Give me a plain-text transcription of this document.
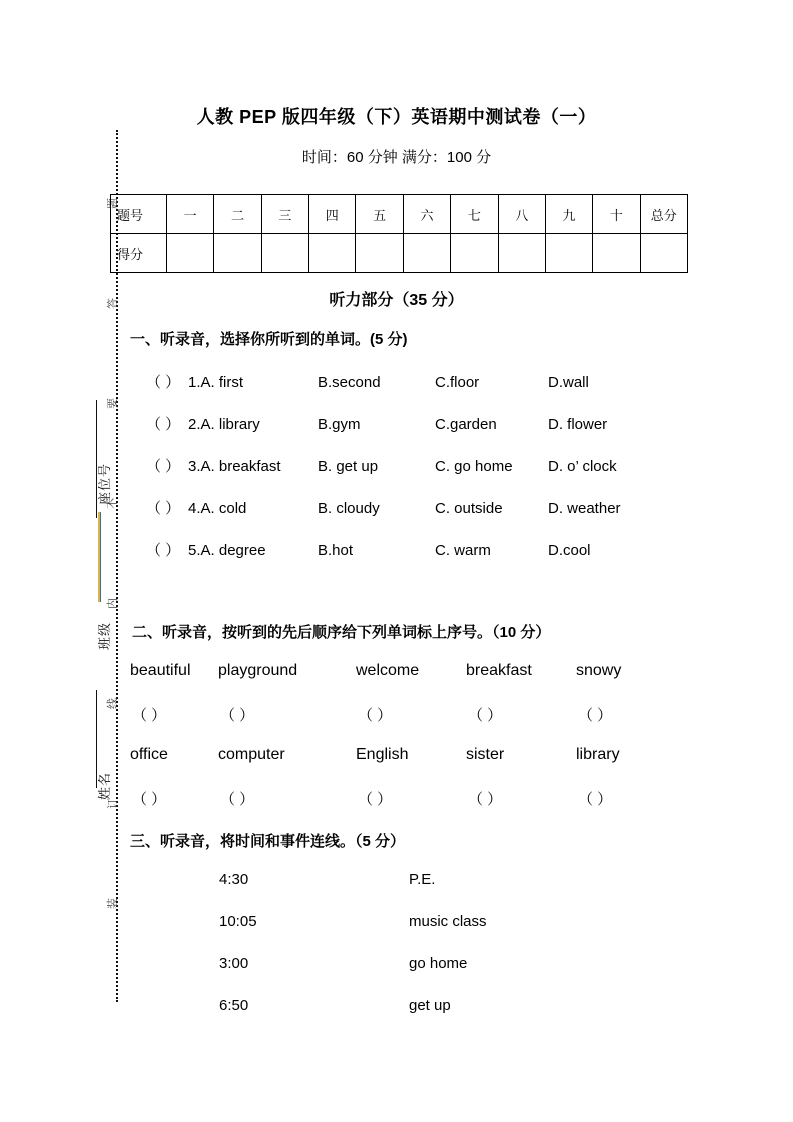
题
答
要
不
内
线
订
装
座位号
班级
姓名
人教 PEP 版四年级（下）英语期中测试卷（一）
时间：60 分钟 满分：100 分
题号	一	二	三	四	五	六	七	八	九	十	总分
得分											
听力部分（35 分）
一、听录音，选择你所听到的单词。(5 分)
（ ） 1.A. first	B.second	C.floor	D.wall
（ ） 2.A. library	B.gym	C.garden	D. flower
（ ） 3.A. breakfast B. get up	C. go home D. o’ clock
（ ） 4.A. cold	B. cloudy	C. outside	D. weather
（ ） 5.A. degree	B.hot	C. warm	D.cool
二、听录音，按听到的先后顺序给下列单词标上序号。（10 分）
beautiful playground	welcome	breakfast	snowy
（ ）	（ ）	（ ）	（ ）	（ ）
office	computer	English	sister	library
（ ）	（ ）	（ ）	（ ）	（ ）
三、听录音，将时间和事件连线。（5 分）
4:30	P.E.
10:05	music class
3:00	go home
6:50	get up
